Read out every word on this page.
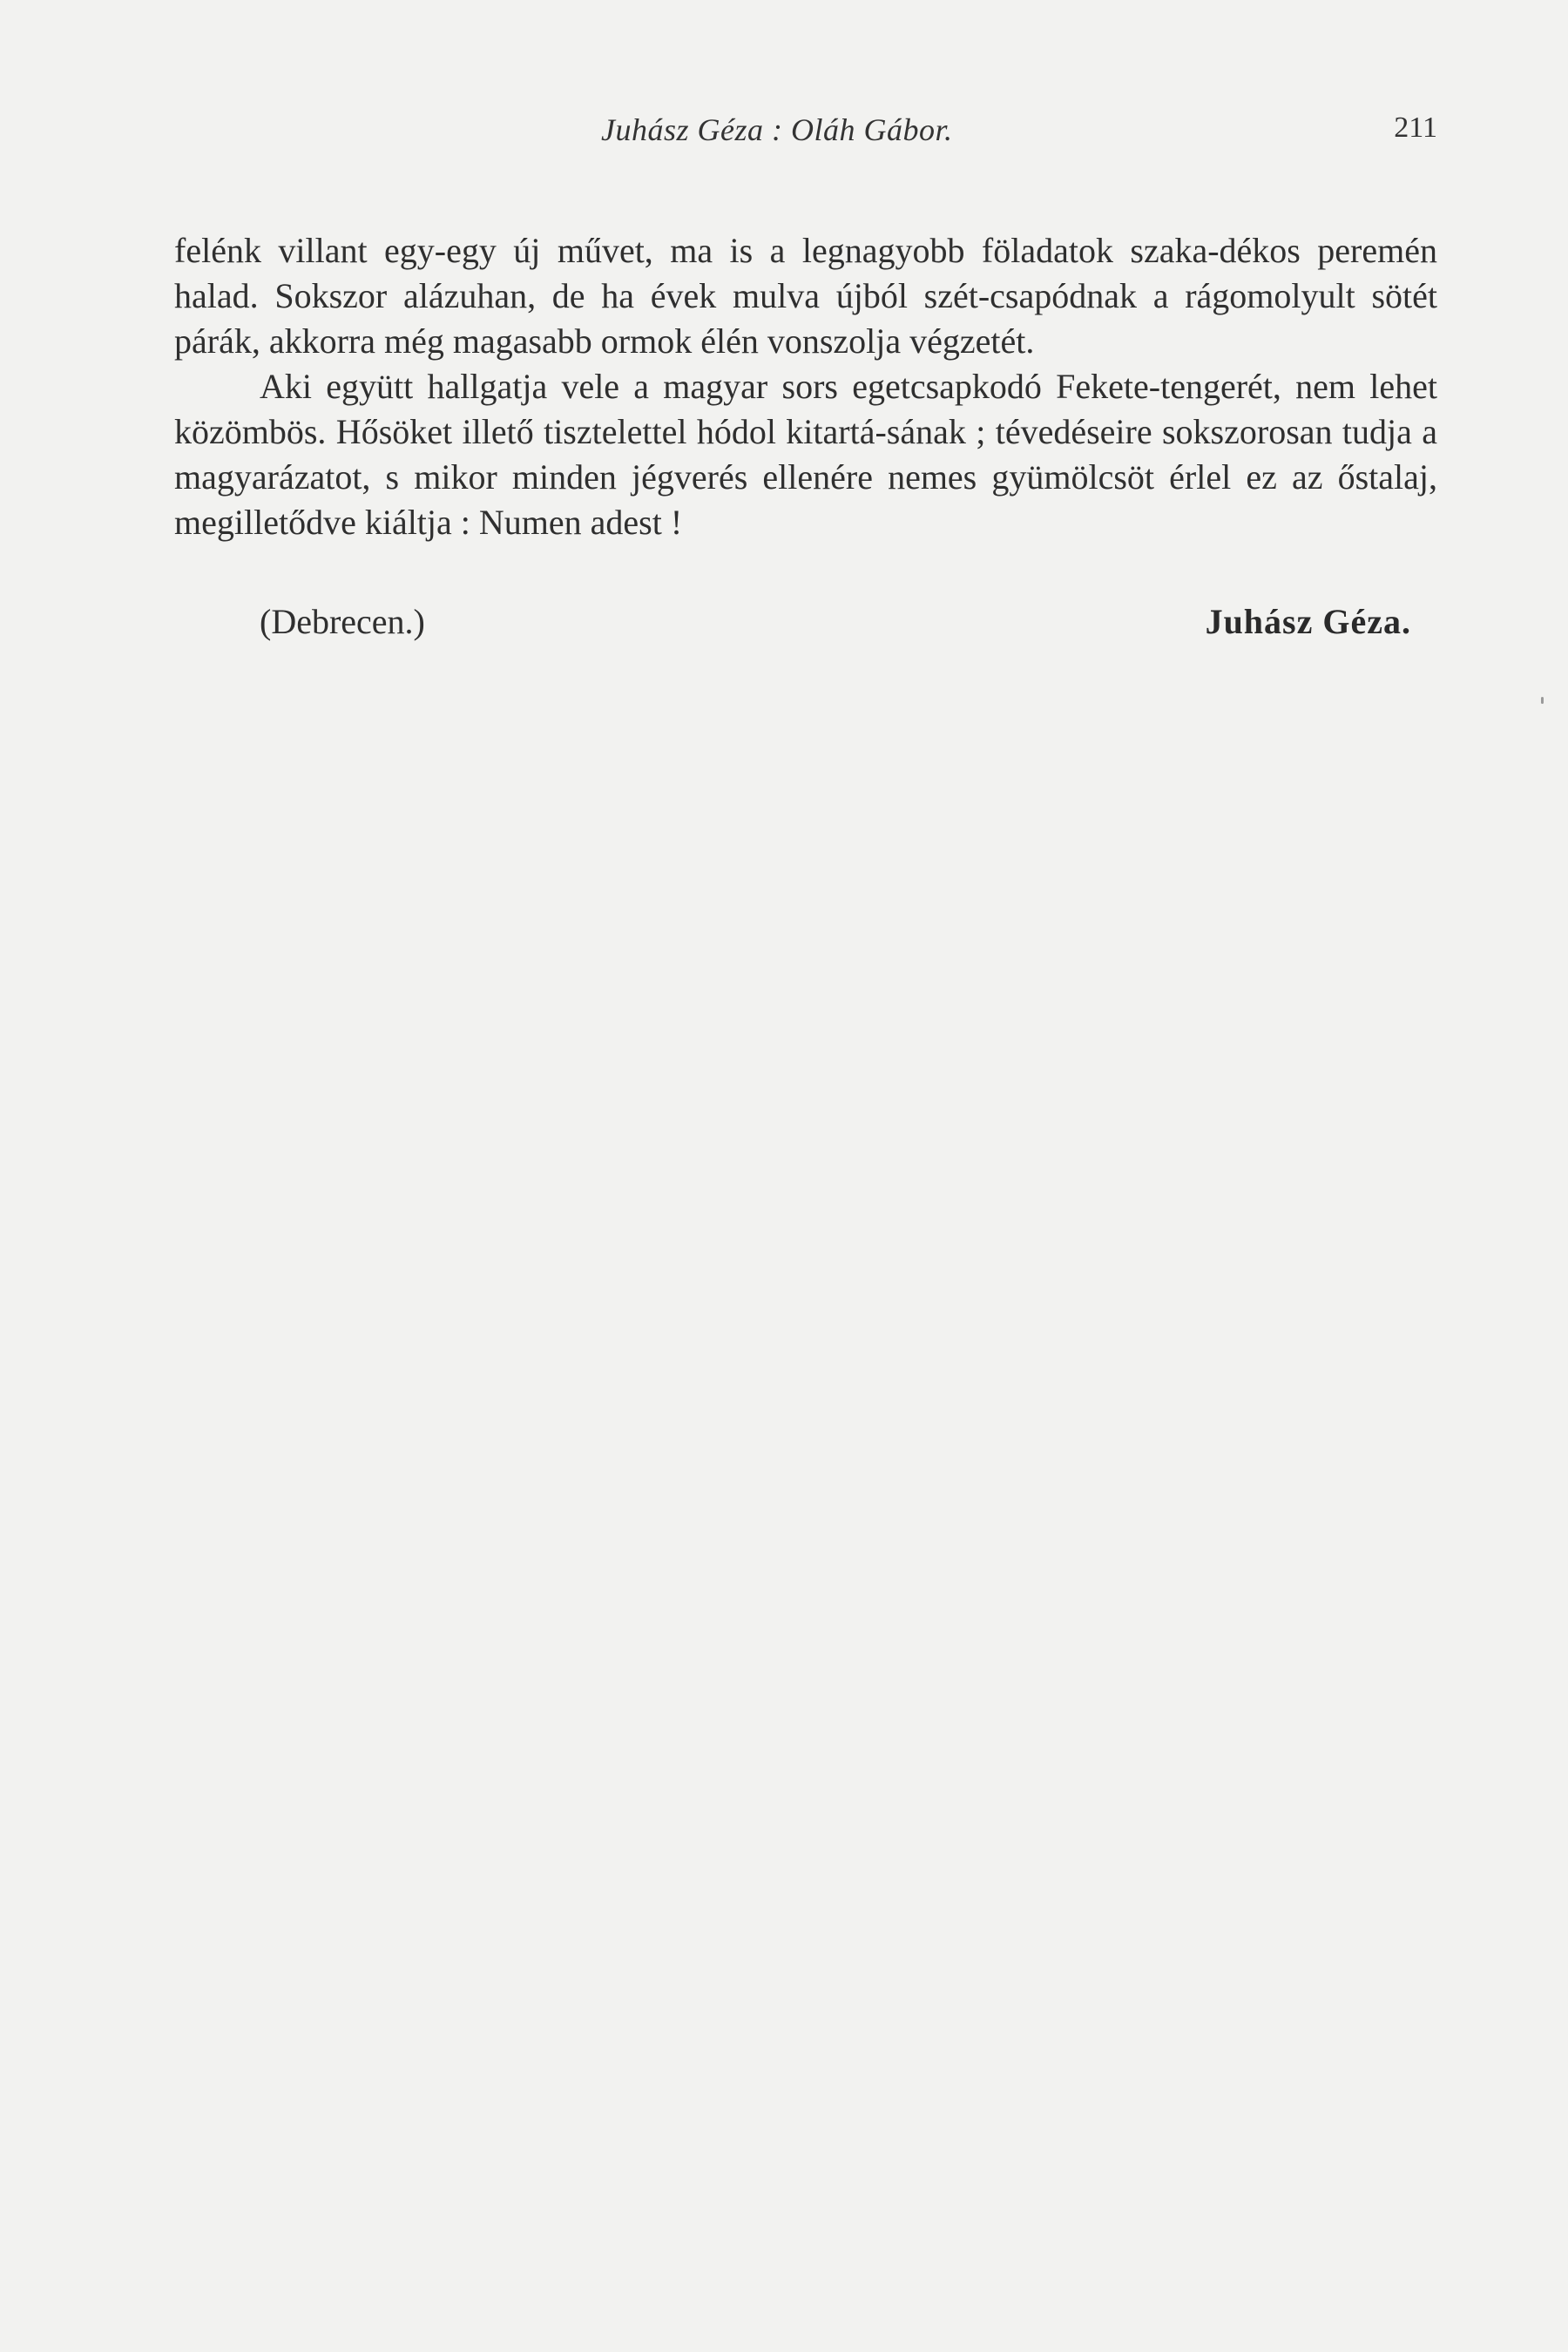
Juhász Géza : Oláh Gábor.	211

felénk villant egy-egy új művet, ma is a legnagyobb föladatok szaka-dékos peremén halad. Sokszor alázuhan, de ha évek mulva újból szét-csapódnak a rágomolyult sötét párák, akkorra még magasabb ormok élén vonszolja végzetét.

Aki együtt hallgatja vele a magyar sors egetcsapkodó Fekete-tengerét, nem lehet közömbös. Hősöket illető tisztelettel hódol kitartá-sának ; tévedéseire sokszorosan tudja a magyarázatot, s mikor minden jégverés ellenére nemes gyümölcsöt érlel ez az őstalaj, megilletődve kiáltja : Numen adest !

(Debrecen.)	Juhász Géza.
